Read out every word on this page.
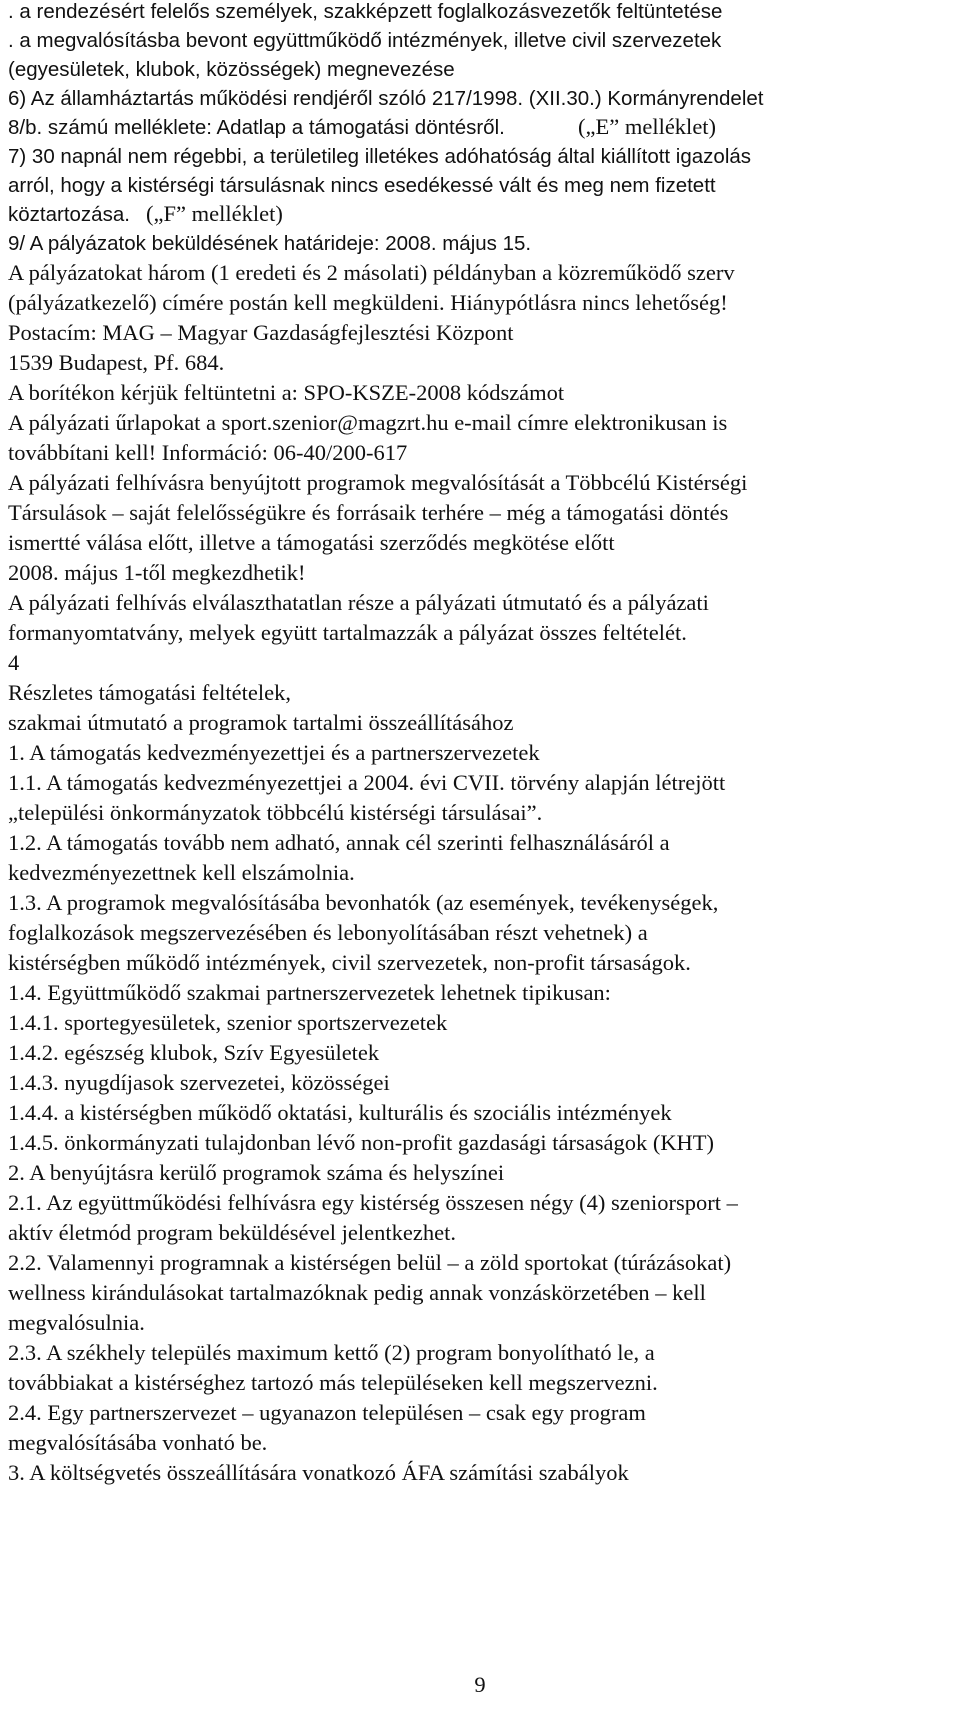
. a rendezésért felelős személyek, szakképzett foglalkozásvezetők feltüntetése
. a megvalósításba bevont együttműködő intézmények, illetve civil szervezetek
(egyesületek, klubok, közösségek) megnevezése
6) Az államháztartás működési rendjéről szóló 217/1998. (XII.30.) Kormányrendelet
8/b. számú melléklete: Adatlap a támogatási döntésről.	(„E” melléklet)
7) 30 napnál nem régebbi, a területileg illetékes adóhatóság által kiállított igazolás
arról, hogy a kistérségi társulásnak nincs esedékessé vált és meg nem fizetett
köztartozása. („F” melléklet)
9/ A pályázatok beküldésének határideje: 2008. május 15.
A pályázatokat három (1 eredeti és 2 másolati) példányban a közreműködő szerv
(pályázatkezelő) címére postán kell megküldeni. Hiánypótlásra nincs lehetőség!
Postacím: MAG – Magyar Gazdaságfejlesztési Központ
1539 Budapest, Pf. 684.
A borítékon kérjük feltüntetni a: SPO-KSZE-2008 kódszámot
A pályázati űrlapokat a sport.szenior@magzrt.hu e-mail címre elektronikusan is
továbbítani kell! Információ: 06-40/200-617
A pályázati felhívásra benyújtott programok megvalósítását a Többcélú Kistérségi
Társulások – saját felelősségükre és forrásaik terhére – még a támogatási döntés
ismertté válása előtt, illetve a támogatási szerződés megkötése előtt
2008. május 1-től megkezdhetik!
A pályázati felhívás elválaszthatatlan része a pályázati útmutató és a pályázati
formanyomtatvány, melyek együtt tartalmazzák a pályázat összes feltételét.
4
Részletes támogatási feltételek,
szakmai útmutató a programok tartalmi összeállításához
1. A támogatás kedvezményezettjei és a partnerszervezetek
1.1. A támogatás kedvezményezettjei a 2004. évi CVII. törvény alapján létrejött
„települési önkormányzatok többcélú kistérségi társulásai”.
1.2. A támogatás tovább nem adható, annak cél szerinti felhasználásáról a
kedvezményezettnek kell elszámolnia.
1.3. A programok megvalósításába bevonhatók (az események, tevékenységek,
foglalkozások megszervezésében és lebonyolításában részt vehetnek) a
kistérségben működő intézmények, civil szervezetek, non-profit társaságok.
1.4. Együttműködő szakmai partnerszervezetek lehetnek tipikusan:
1.4.1. sportegyesületek, szenior sportszervezetek
1.4.2. egészség klubok, Szív Egyesületek
1.4.3. nyugdíjasok szervezetei, közösségei
1.4.4. a kistérségben működő oktatási, kulturális és szociális intézmények
1.4.5. önkormányzati tulajdonban lévő non-profit gazdasági társaságok (KHT)
2. A benyújtásra kerülő programok száma és helyszínei
2.1. Az együttműködési felhívásra egy kistérség összesen négy (4) szeniorsport –
aktív életmód program beküldésével jelentkezhet.
2.2. Valamennyi programnak a kistérségen belül – a zöld sportokat (túrázásokat)
wellness kirándulásokat tartalmazóknak pedig annak vonzáskörzetében – kell
megvalósulnia.
2.3. A székhely település maximum kettő (2) program bonyolítható le, a
továbbiakat a kistérséghez tartozó más településeken kell megszervezni.
2.4. Egy partnerszervezet – ugyanazon településen – csak egy program
megvalósításába vonható be.
3. A költségvetés összeállítására vonatkozó ÁFA számítási szabályok
9
